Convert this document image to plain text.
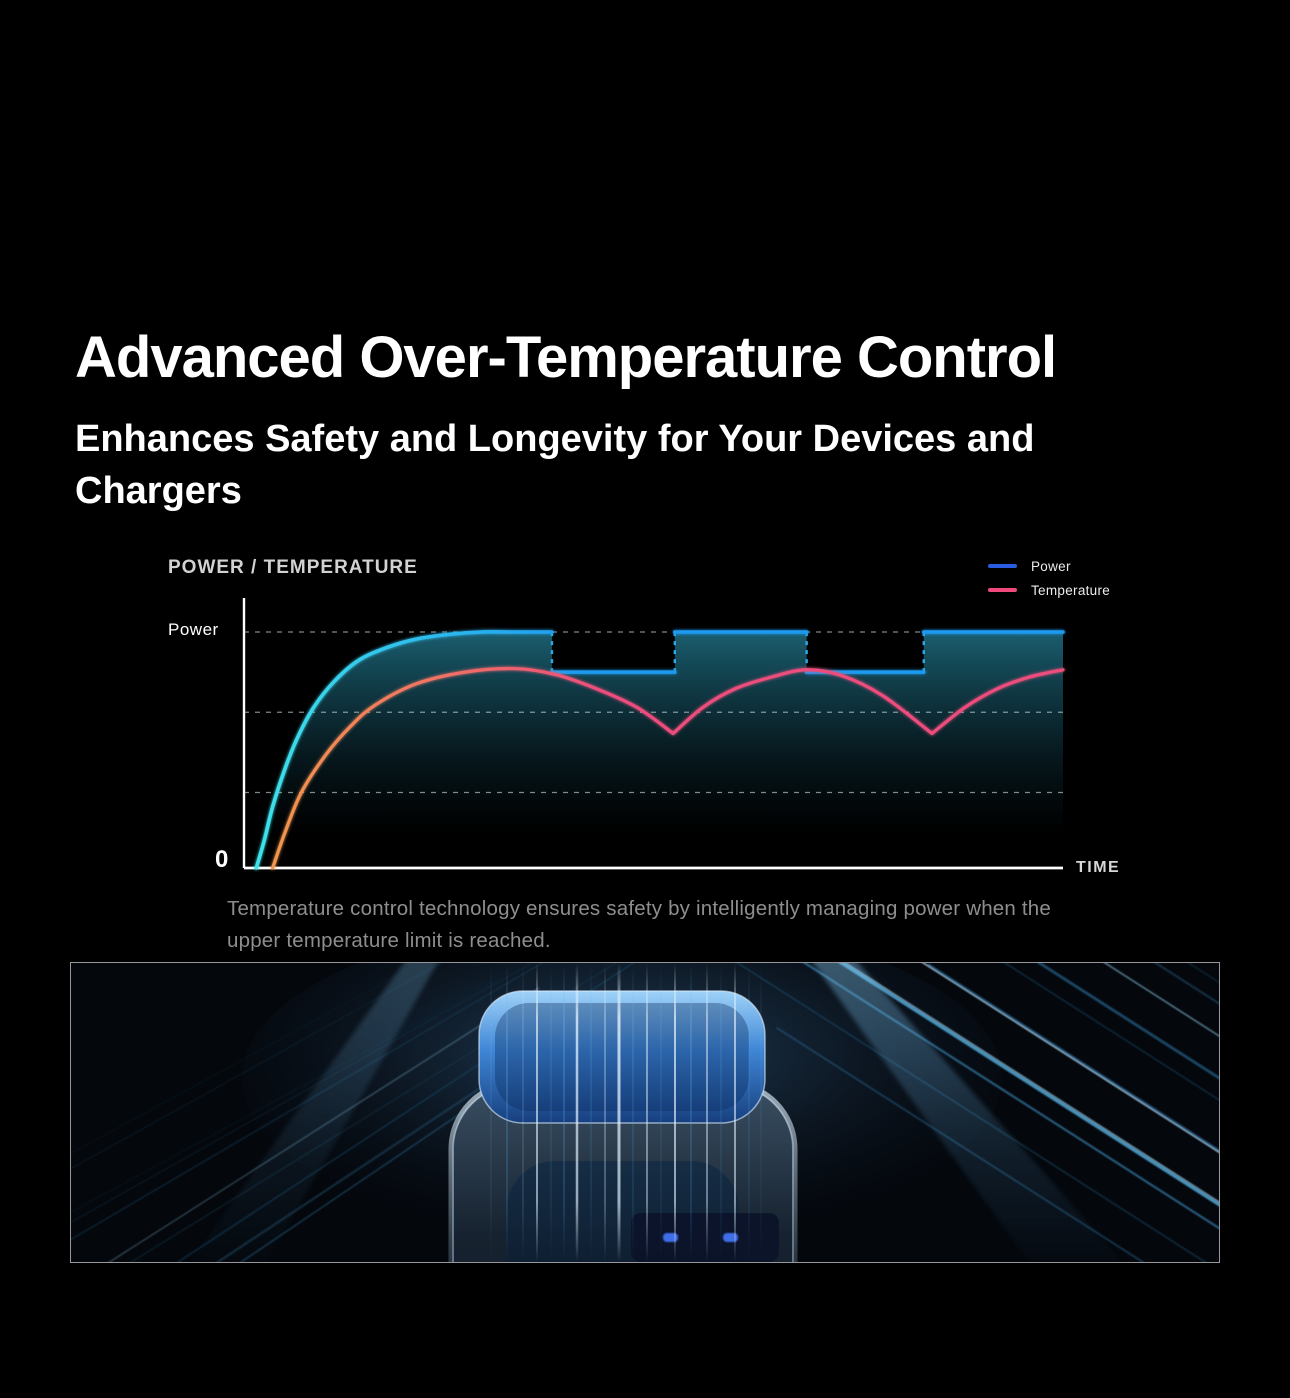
Advanced Over-Temperature Control
Enhances Safety and Longevity for Your Devices and Chargers
POWER / TEMPERATURE	Power
Temperature
Power
0	TIME

Temperature control technology ensures safety by intelligently managing power when the upper temperature limit is reached.
